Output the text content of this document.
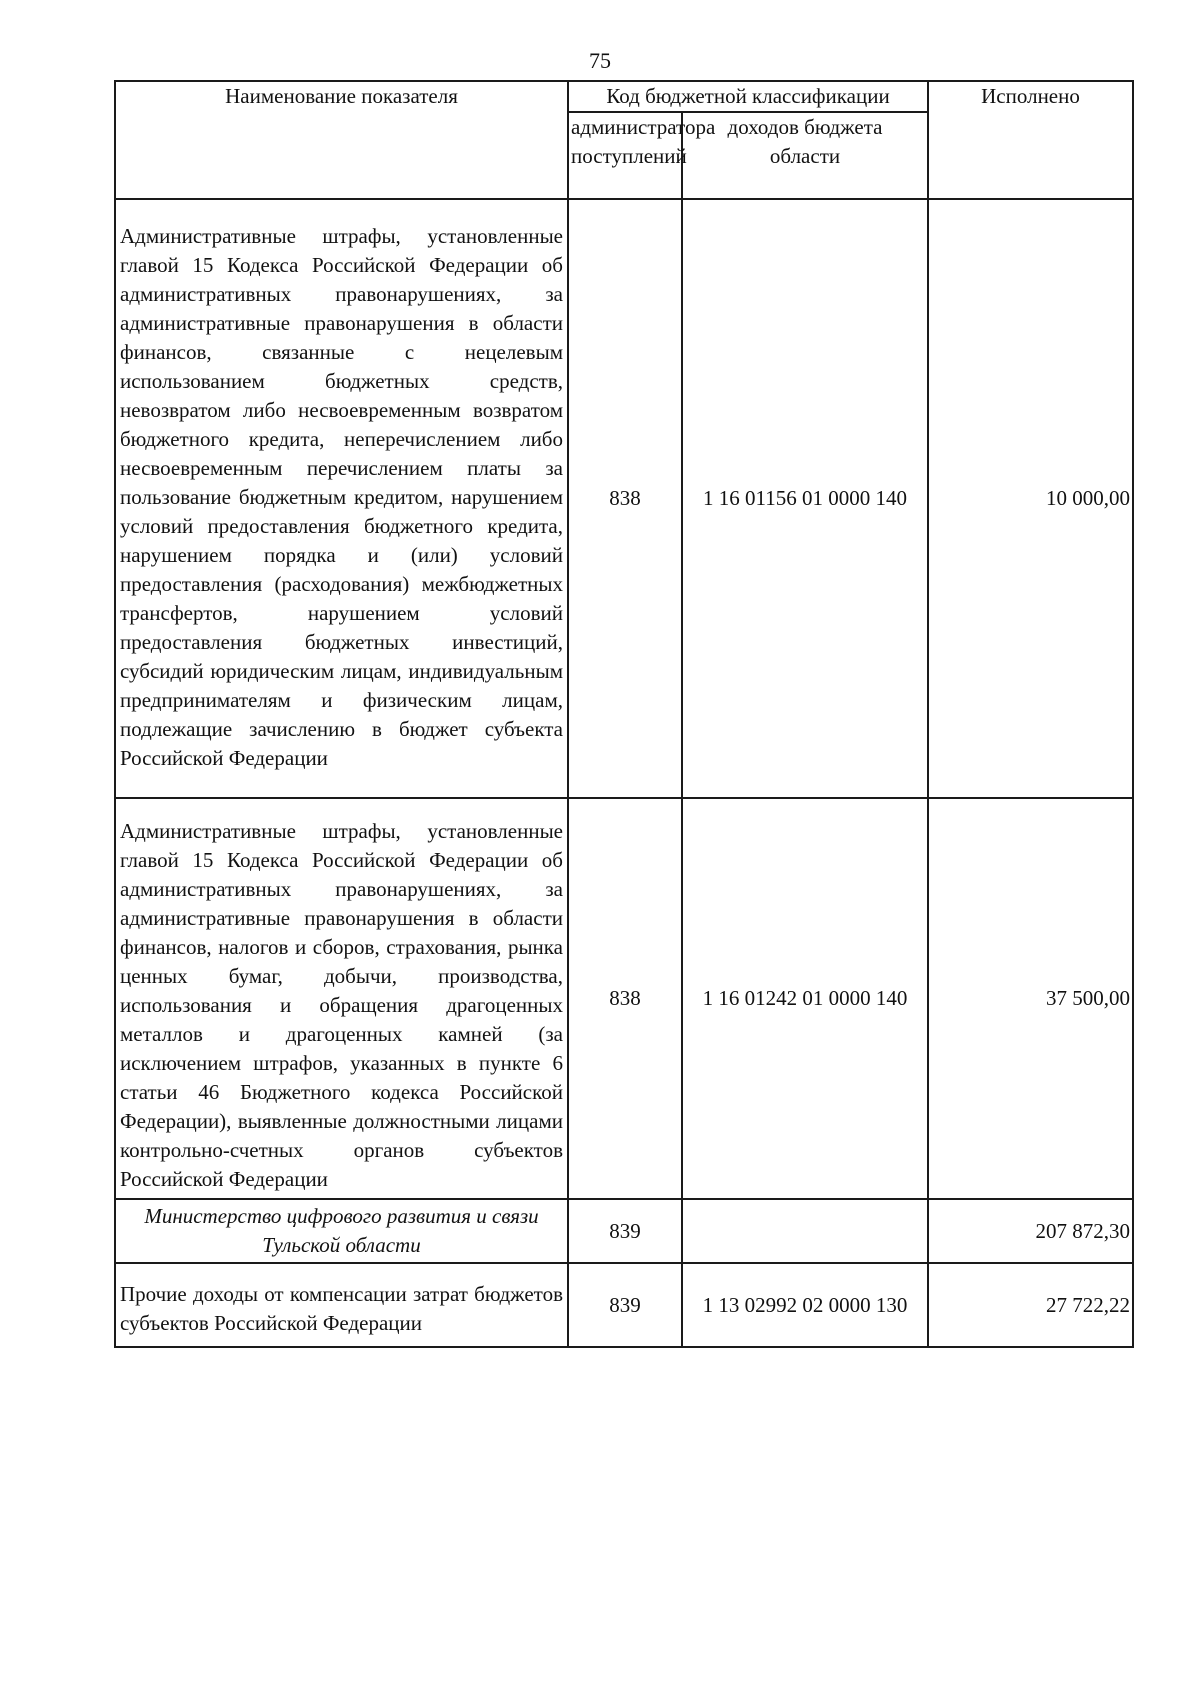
75
Наименование показателя	Код бюджетной классификации		Исполнено
	администратора поступлений	доходов бюджета области	
Административные штрафы, установленные главой 15 Кодекса Российской Федерации об административных правонарушениях, за административные правонарушения в области финансов, связанные с нецелевым использованием бюджетных средств, невозвратом либо несвоевременным возвратом бюджетного кредита, неперечислением либо несвоевременным перечислением платы за пользование бюджетным кредитом, нарушением условий предоставления бюджетного кредита, нарушением порядка и (или) условий предоставления (расходования) межбюджетных трансфертов, нарушением условий предоставления бюджетных инвестиций, субсидий юридическим лицам, индивидуальным предпринимателям и физическим лицам, подлежащие зачислению в бюджет субъекта Российской Федерации	838	1 16 01156 01 0000 140	10 000,00
Административные штрафы, установленные главой 15 Кодекса Российской Федерации об административных правонарушениях, за административные правонарушения в области финансов, налогов и сборов, страхования, рынка ценных бумаг, добычи, производства, использования и обращения драгоценных металлов и драгоценных камней (за исключением штрафов, указанных в пункте 6 статьи 46 Бюджетного кодекса Российской Федерации), выявленные должностными лицами контрольно-счетных органов субъектов Российской Федерации	838	1 16 01242 01 0000 140	37 500,00
Министерство цифрового развития и связи Тульской области	839		207 872,30
Прочие доходы от компенсации затрат бюджетов субъектов Российской Федерации	839	1 13 02992 02 0000 130	27 722,22
